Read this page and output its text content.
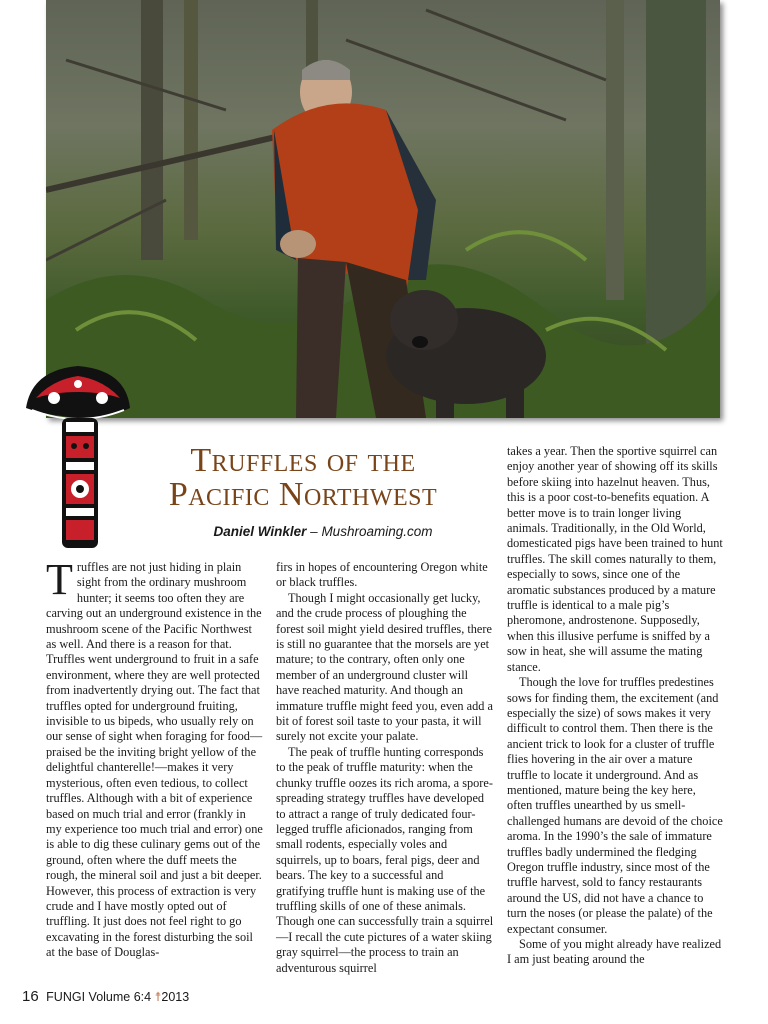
Truffles of the
Pacific Northwest
Daniel Winkler – Mushroaming.com

Truffles are not just hiding in plain sight from the ordinary mushroom hunter; it seems too often they are carving out an underground existence in the mushroom scene of the Pacific Northwest as well. And there is a reason for that. Truffles went underground to fruit in a safe environment, where they are well protected from inadvertently drying out. The fact that truffles opted for underground fruiting, invisible to us bipeds, who usually rely on our sense of sight when foraging for food—praised be the inviting bright yellow of the delightful chanterelle!—makes it very mysterious, often even tedious, to collect truffles. Although with a bit of experience based on much trial and error (frankly in my experience too much trial and error) one is able to dig these culinary gems out of the ground, often where the duff meets the rough, the mineral soil and just a bit deeper. However, this process of extraction is very crude and I have mostly opted out of truffling. It just does not feel right to go excavating in the forest disturbing the soil at the base of Douglas-

firs in hopes of encountering Oregon white or black truffles.

Though I might occasionally get lucky, and the crude process of ploughing the forest soil might yield desired truffles, there is still no guarantee that the morsels are yet mature; to the contrary, often only one member of an underground cluster will have reached maturity. And though an immature truffle might feed you, even add a bit of forest soil taste to your pasta, it will surely not excite your palate.

The peak of truffle hunting corresponds to the peak of truffle maturity: when the chunky truffle oozes its rich aroma, a spore-spreading strategy truffles have developed to attract a range of truly dedicated four-legged truffle aficionados, ranging from small rodents, especially voles and squirrels, up to boars, feral pigs, deer and bears. The key to a successful and gratifying truffle hunt is making use of the truffling skills of one of these animals. Though one can successfully train a squirrel—I recall the cute pictures of a water skiing gray squirrel—the process to train an adventurous squirrel

takes a year. Then the sportive squirrel can enjoy another year of showing off its skills before skiing into hazelnut heaven. Thus, this is a poor cost-to-benefits equation. A better move is to train longer living animals. Traditionally, in the Old World, domesticated pigs have been trained to hunt truffles. The skill comes naturally to them, especially to sows, since one of the aromatic substances produced by a mature truffle is identical to a male pig’s pheromone, androstenone. Supposedly, when this illusive perfume is sniffed by a sow in heat, she will assume the mating stance.

Though the love for truffles predestines sows for finding them, the excitement (and especially the size) of sows makes it very difficult to control them. Then there is the ancient trick to look for a cluster of truffle flies hovering in the air over a mature truffle to locate it underground. And as mentioned, mature being the key here, often truffles unearthed by us smell-challenged humans are devoid of the choice aroma. In the 1990’s the sale of immature truffles badly undermined the fledging Oregon truffle industry, since most of the truffle harvest, sold to fancy restaurants around the US, did not have a chance to turn the noses (or please the palate) of the expectant consumer.

Some of you might already have realized I am just beating around the

16 FUNGI Volume 6:4 ☨2013
